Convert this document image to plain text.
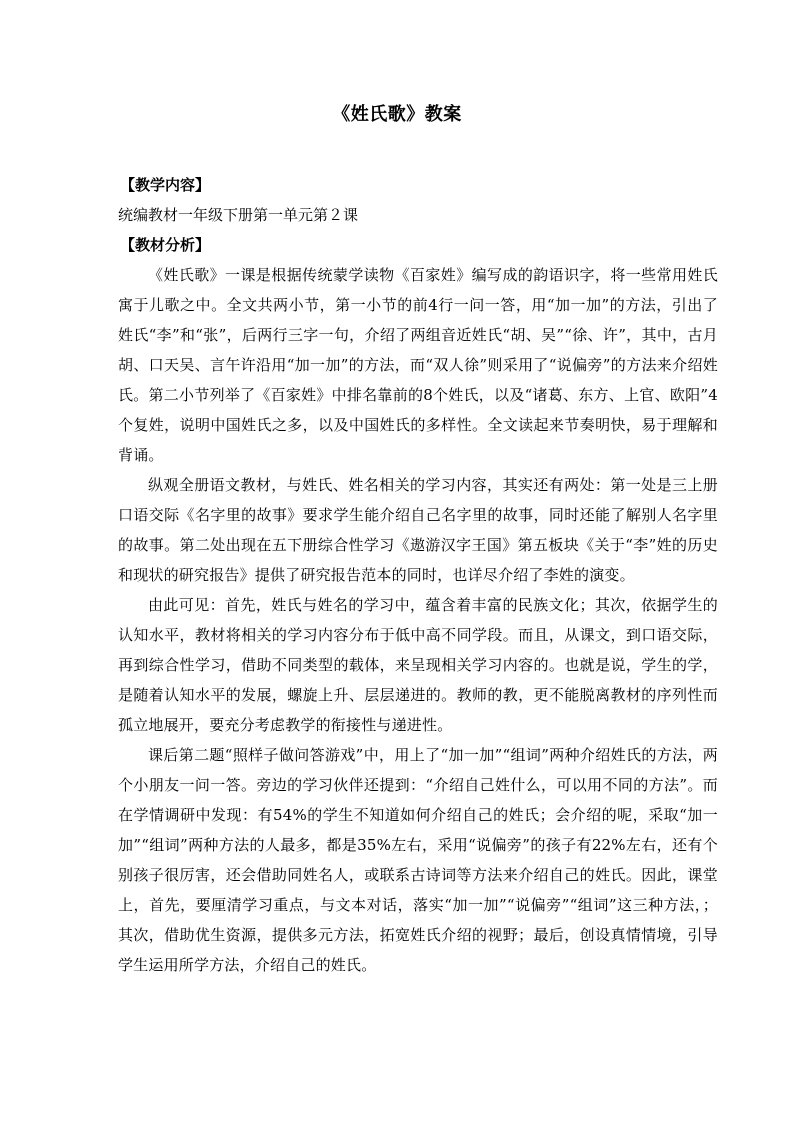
《姓氏歌》教案

【教学内容】

统编教材一年级下册第一单元第２课

【教材分析】

《姓氏歌》一课是根据传统蒙学读物《百家姓》编写成的韵语识字，将一些常用姓氏寓于儿歌之中。全文共两小节，第一小节的前4行一问一答，用“加一加”的方法，引出了姓氏“李”和“张”，后两行三字一句，介绍了两组音近姓氏“胡、吴”“徐、许”，其中，古月胡、口天吴、言午许沿用“加一加”的方法，而“双人徐”则采用了“说偏旁”的方法来介绍姓氏。第二小节列举了《百家姓》中排名靠前的8个姓氏，以及“诸葛、东方、上官、欧阳”4个复姓，说明中国姓氏之多，以及中国姓氏的多样性。全文读起来节奏明快，易于理解和背诵。

纵观全册语文教材，与姓氏、姓名相关的学习内容，其实还有两处：第一处是三上册口语交际《名字里的故事》要求学生能介绍自己名字里的故事，同时还能了解别人名字里的故事。第二处出现在五下册综合性学习《遨游汉字王国》第五板块《关于“李”姓的历史和现状的研究报告》提供了研究报告范本的同时，也详尽介绍了李姓的演变。

由此可见：首先，姓氏与姓名的学习中，蕴含着丰富的民族文化；其次，依据学生的认知水平，教材将相关的学习内容分布于低中高不同学段。而且，从课文，到口语交际，再到综合性学习，借助不同类型的载体，来呈现相关学习内容的。也就是说，学生的学，是随着认知水平的发展，螺旋上升、层层递进的。教师的教，更不能脱离教材的序列性而孤立地展开，要充分考虑教学的衔接性与递进性。

课后第二题“照样子做问答游戏”中，用上了“加一加”“组词”两种介绍姓氏的方法，两个小朋友一问一答。旁边的学习伙伴还提到：“介绍自己姓什么，可以用不同的方法”。而在学情调研中发现：有54%的学生不知道如何介绍自己的姓氏；会介绍的呢，采取“加一加”“组词”两种方法的人最多，都是35%左右，采用“说偏旁”的孩子有22%左右，还有个别孩子很厉害，还会借助同姓名人，或联系古诗词等方法来介绍自己的姓氏。因此，课堂上，首先，要厘清学习重点，与文本对话，落实“加一加”“说偏旁”“组词”这三种方法，；其次，借助优生资源，提供多元方法，拓宽姓氏介绍的视野；最后，创设真情情境，引导学生运用所学方法，介绍自己的姓氏。
